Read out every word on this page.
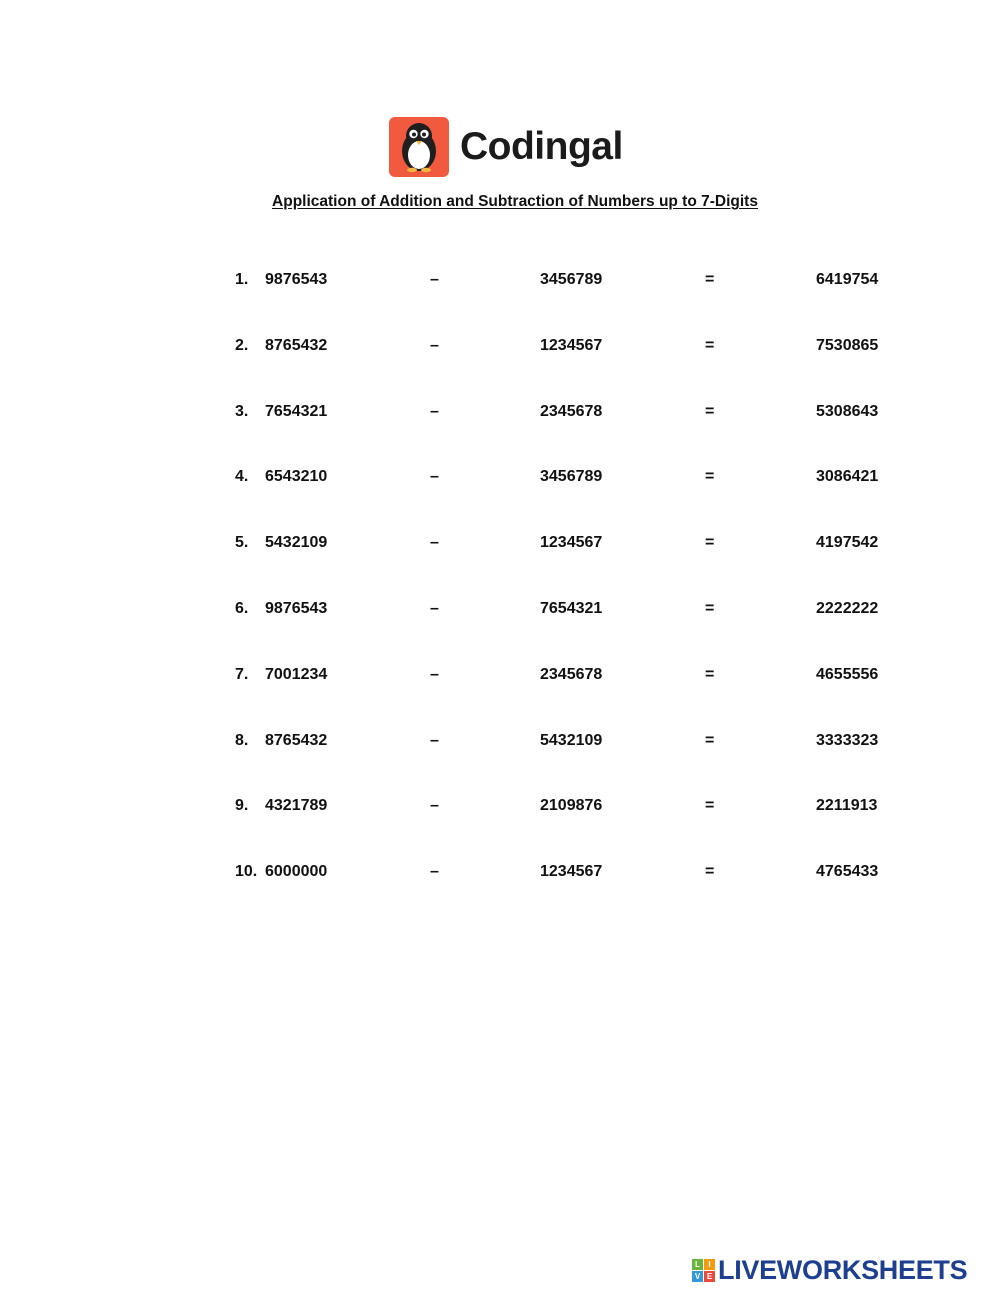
Codingal
Application of Addition and Subtraction of Numbers up to 7-Digits
1. 9876543	–	3456789	=	6419754
2. 8765432	–	1234567	=	7530865
3. 7654321	–	2345678	=	5308643
4. 6543210	–	3456789	=	3086421
5. 5432109	–	1234567	=	4197542
6. 9876543	–	7654321	=	2222222
7. 7001234	–	2345678	=	4655556
8. 8765432	–	5432109	=	3333323
9. 4321789	–	2109876	=	2211913
10. 6000000	–	1234567	=	4765433
L	I
V E LIVEWORKSHEETS
